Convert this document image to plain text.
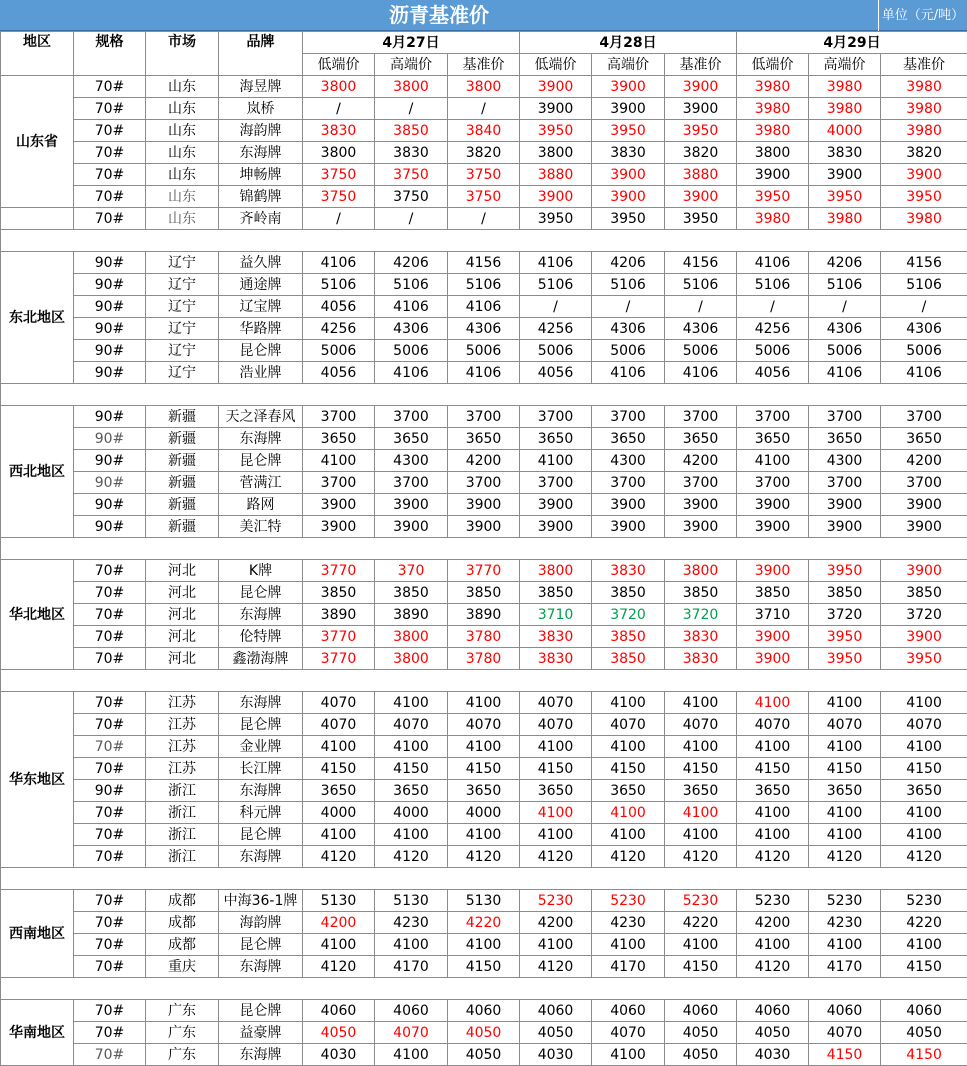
沥青基准价	单位（元/吨）
地区	规格	市场	品牌	4月27日			4月28日			4月29日		
				低端价	高端价	基准价	低端价	高端价	基准价	低端价	高端价	基准价
山东省	70#	山东	海昱牌	3800	3800	3800	3900	3900	3900	3980	3980	3980
	70#	山东	岚桥	/	/	/	3900	3900	3900	3980	3980	3980
	70#	山东	海韵牌	3830	3850	3840	3950	3950	3950	3980	4000	3980
	70#	山东	东海牌	3800	3830	3820	3800	3830	3820	3800	3830	3820
	70#	山东	坤畅牌	3750	3750	3750	3880	3900	3880	3900	3900	3900
	70#	山东	锦鹤牌	3750	3750	3750	3900	3900	3900	3950	3950	3950
	70#	山东	齐岭南	/	/	/	3950	3950	3950	3980	3980	3980

东北地区	90#	辽宁	益久牌	4106	4206	4156	4106	4206	4156	4106	4206	4156
	90#	辽宁	通途牌	5106	5106	5106	5106	5106	5106	5106	5106	5106
	90#	辽宁	辽宝牌	4056	4106	4106	/	/	/	/	/	/
	90#	辽宁	华路牌	4256	4306	4306	4256	4306	4306	4256	4306	4306
	90#	辽宁	昆仑牌	5006	5006	5006	5006	5006	5006	5006	5006	5006
	90#	辽宁	浩业牌	4056	4106	4106	4056	4106	4106	4056	4106	4106

西北地区	90#	新疆	天之泽春风	3700	3700	3700	3700	3700	3700	3700	3700	3700
	90#	新疆	东海牌	3650	3650	3650	3650	3650	3650	3650	3650	3650
	90#	新疆	昆仑牌	4100	4300	4200	4100	4300	4200	4100	4300	4200
	90#	新疆	菅满江	3700	3700	3700	3700	3700	3700	3700	3700	3700
	90#	新疆	路网	3900	3900	3900	3900	3900	3900	3900	3900	3900
	90#	新疆	美汇特	3900	3900	3900	3900	3900	3900	3900	3900	3900

华北地区	70#	河北	K牌	3770	370	3770	3800	3830	3800	3900	3950	3900
	70#	河北	昆仑牌	3850	3850	3850	3850	3850	3850	3850	3850	3850
	70#	河北	东海牌	3890	3890	3890	3710	3720	3720	3710	3720	3720
	70#	河北	伦特牌	3770	3800	3780	3830	3850	3830	3900	3950	3900
	70#	河北	鑫渤海牌	3770	3800	3780	3830	3850	3830	3900	3950	3950

华东地区	70#	江苏	东海牌	4070	4100	4100	4070	4100	4100	4100	4100	4100
	70#	江苏	昆仑牌	4070	4070	4070	4070	4070	4070	4070	4070	4070
	70#	江苏	金业牌	4100	4100	4100	4100	4100	4100	4100	4100	4100
	70#	江苏	长江牌	4150	4150	4150	4150	4150	4150	4150	4150	4150
	90#	浙江	东海牌	3650	3650	3650	3650	3650	3650	3650	3650	3650
	70#	浙江	科元牌	4000	4000	4000	4100	4100	4100	4100	4100	4100
	70#	浙江	昆仑牌	4100	4100	4100	4100	4100	4100	4100	4100	4100
	70#	浙江	东海牌	4120	4120	4120	4120	4120	4120	4120	4120	4120

西南地区	70#	成都	中海36-1牌	5130	5130	5130	5230	5230	5230	5230	5230	5230
	70#	成都	海韵牌	4200	4230	4220	4200	4230	4220	4200	4230	4220
	70#	成都	昆仑牌	4100	4100	4100	4100	4100	4100	4100	4100	4100
	70#	重庆	东海牌	4120	4170	4150	4120	4170	4150	4120	4170	4150

华南地区	70#	广东	昆仑牌	4060	4060	4060	4060	4060	4060	4060	4060	4060
	70#	广东	益豪牌	4050	4070	4050	4050	4070	4050	4050	4070	4050
	70#	广东	东海牌	4030	4100	4050	4030	4100	4050	4030	4150	4150
